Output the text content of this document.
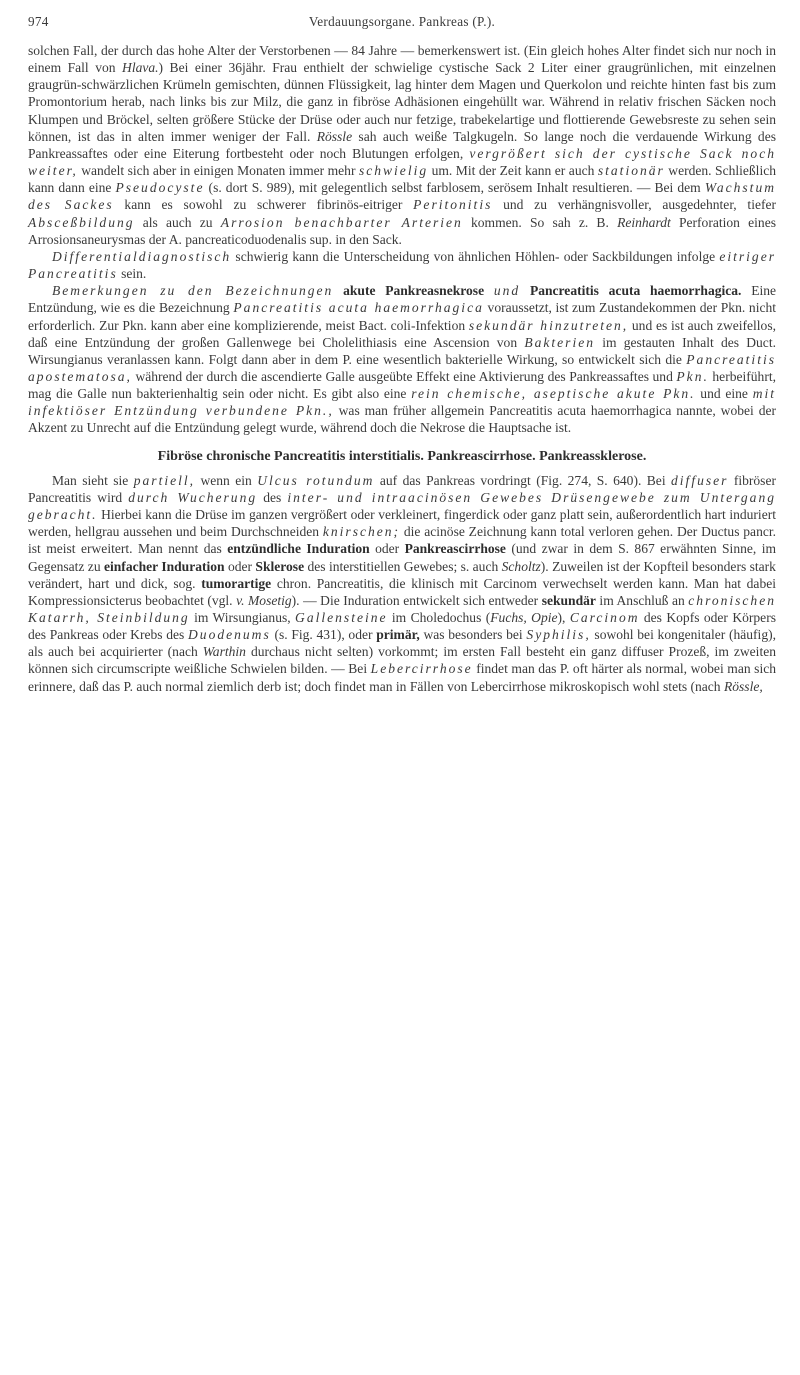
974	Verdauungsorgane. Pankreas (P.).

solchen Fall, der durch das hohe Alter der Verstorbenen — 84 Jahre — bemerkenswert ist. (Ein gleich hohes Alter findet sich nur noch in einem Fall von Hlava.) Bei einer 36jähr. Frau enthielt der schwielige cystische Sack 2 Liter einer graugrünlichen, mit einzelnen graugrün-schwärzlichen Krümeln gemischten, dünnen Flüssigkeit, lag hinter dem Magen und Querkolon und reichte hinten fast bis zum Promontorium herab, nach links bis zur Milz, die ganz in fibröse Adhäsionen eingehüllt war. Während in relativ frischen Säcken noch Klumpen und Bröckel, selten größere Stücke der Drüse oder auch nur fetzige, trabekelartige und flottierende Gewebsreste zu sehen sein können, ist das in alten immer weniger der Fall. Rössle sah auch weiße Talgkugeln. So lange noch die verdauende Wirkung des Pankreassaftes oder eine Eiterung fortbesteht oder noch Blutungen erfolgen, vergrößert sich der cystische Sack noch weiter, wandelt sich aber in einigen Monaten immer mehr schwielig um. Mit der Zeit kann er auch stationär werden. Schließlich kann dann eine Pseudocyste (s. dort S. 989), mit gelegentlich selbst farblosem, serösem Inhalt resultieren. — Bei dem Wachstum des Sackes kann es sowohl zu schwerer fibrinös-eitriger Peritonitis und zu verhängnisvoller, ausgedehnter, tiefer Abscеßbildung als auch zu Arrosion benachbarter Arterien kommen. So sah z. B. Reinhardt Perforation eines Arrosionsaneurysmas der A. pancreaticoduodenalis sup. in den Sack.

Differentialdiagnostisch schwierig kann die Unterscheidung von ähnlichen Höhlen- oder Sackbildungen infolge eitriger Pancreatitis sein.

Bemerkungen zu den Bezeichnungen akute Pankreasnekrose und Pancreatitis acuta haemorrhagica. Eine Entzündung, wie es die Bezeichnung Pancreatitis acuta haemorrhagica voraussetzt, ist zum Zustandekommen der Pkn. nicht erforderlich. Zur Pkn. kann aber eine komplizierende, meist Bact. coli-Infektion sekundär hinzutreten, und es ist auch zweifellos, daß eine Entzündung der großen Gallenwege bei Cholelithiasis eine Ascension von Bakterien im gestauten Inhalt des Duct. Wirsungianus veranlassen kann. Folgt dann aber in dem P. eine wesentlich bakterielle Wirkung, so entwickelt sich die Pancreatitis apostematosa, während der durch die ascendierte Galle ausgeübte Effekt eine Aktivierung des Pankreassaftes und Pkn. herbeiführt, mag die Galle nun bakterienhaltig sein oder nicht. Es gibt also eine rein chemische, aseptische akute Pkn. und eine mit infektiöser Entzündung verbundene Pkn., was man früher allgemein Pancreatitis acuta haemorrhagica nannte, wobei der Akzent zu Unrecht auf die Entzündung gelegt wurde, während doch die Nekrose die Hauptsache ist.

Fibröse chronische Pancreatitis interstitialis. Pankreascirrhose. Pankreassklerose.

Man sieht sie partiell, wenn ein Ulcus rotundum auf das Pankreas vordringt (Fig. 274, S. 640). Bei diffuser fibröser Pancreatitis wird durch Wucherung des inter- und intraacinösen Gewebes Drüsengewebe zum Untergang gebracht. Hierbei kann die Drüse im ganzen vergrößert oder verkleinert, fingerdick oder ganz platt sein, außerordentlich hart induriert werden, hellgrau aussehen und beim Durchschneiden knirschen; die acinöse Zeichnung kann total verloren gehen. Der Ductus pancr. ist meist erweitert. Man nennt das entzündliche Induration oder Pankreascirrhose (und zwar in dem S. 867 erwähnten Sinne, im Gegensatz zu einfacher Induration oder Sklerose des interstitiellen Gewebes; s. auch Scholtz). Zuweilen ist der Kopfteil besonders stark verändert, hart und dick, sog. tumorartige chron. Pancreatitis, die klinisch mit Carcinom verwechselt werden kann. Man hat dabei Kompressionsicterus beobachtet (vgl. v. Mosetig). — Die Induration entwickelt sich entweder sekundär im Anschluß an chronischen Katarrh, Steinbildung im Wirsungianus, Gallensteine im Choledochus (Fuchs, Opie), Carcinom des Kopfs oder Körpers des Pankreas oder Krebs des Duodenums (s. Fig. 431), oder primär, was besonders bei Syphilis, sowohl bei kongenitaler (häufig), als auch bei acquirierter (nach Warthin durchaus nicht selten) vorkommt; im ersten Fall besteht ein ganz diffuser Prozeß, im zweiten können sich circumscripte weißliche Schwielen bilden. — Bei Lebercirrhose findet man das P. oft härter als normal, wobei man sich erinnere, daß das P. auch normal ziemlich derb ist; doch findet man in Fällen von Lebercirrhose mikroskopisch wohl stets (nach Rössle,
